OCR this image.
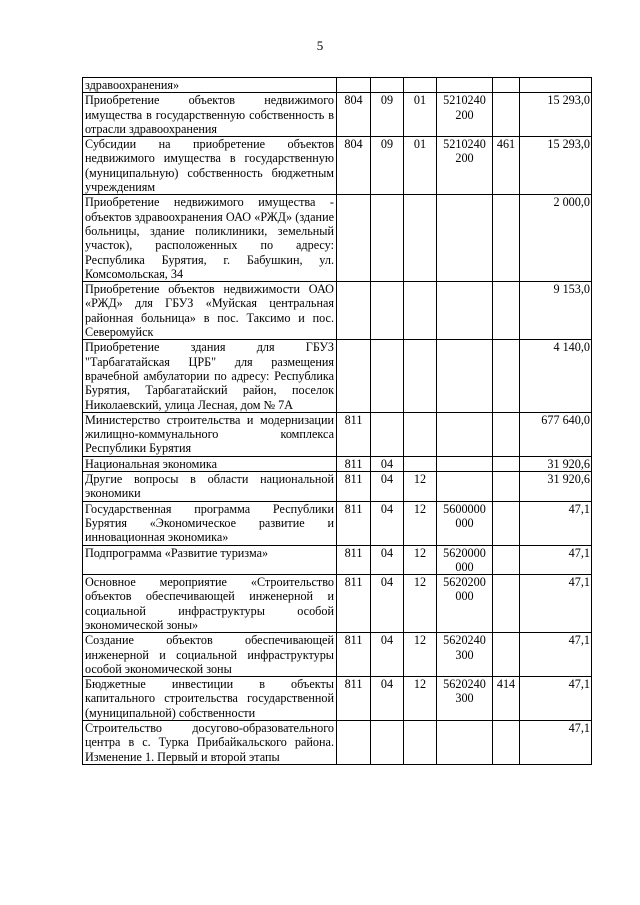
5
здравоохранения»						
Приобретение объектов недвижимого имущества в государственную собственность в отрасли здравоохранения	804	09	01	5210240 200		15 293,0
Субсидии на приобретение объектов недвижимого имущества в государственную (муниципальную) собственность бюджетным учреждениям	804	09	01	5210240 200	461	15 293,0
Приобретение недвижимого имущества - объектов здравоохранения ОАО «РЖД» (здание больницы, здание поликлиники, земельный участок), расположенных по адресу: Республика Бурятия, г. Бабушкин, ул. Комсомольская, 34						2 000,0
Приобретение объектов недвижимости ОАО «РЖД» для ГБУЗ «Муйская центральная районная больница» в пос. Таксимо и пос. Северомуйск						9 153,0
Приобретение здания для ГБУЗ "Тарбагатайская ЦРБ" для размещения врачебной амбулатории по адресу: Республика Бурятия, Тарбагатайский район, поселок Николаевский, улица Лесная, дом № 7А						4 140,0
Министерство строительства и модернизации жилищно-коммунального комплекса Республики Бурятия	811					677 640,0
Национальная экономика	811	04				31 920,6
Другие вопросы в области национальной экономики	811	04	12			31 920,6
Государственная программа Республики Бурятия «Экономическое развитие и инновационная экономика»	811	04	12	5600000 000		47,1
Подпрограмма «Развитие туризма»	811	04	12	5620000 000		47,1
Основное мероприятие «Строительство объектов обеспечивающей инженерной и социальной инфраструктуры особой экономической зоны»	811	04	12	5620200 000		47,1
Создание объектов обеспечивающей инженерной и социальной инфраструктуры особой экономической зоны	811	04	12	5620240 300		47,1
Бюджетные инвестиции в объекты капитального строительства государственной (муниципальной) собственности	811	04	12	5620240 300	414	47,1
Строительство досугово-образовательного центра в с. Турка Прибайкальского района. Изменение 1. Первый и второй этапы						47,1
